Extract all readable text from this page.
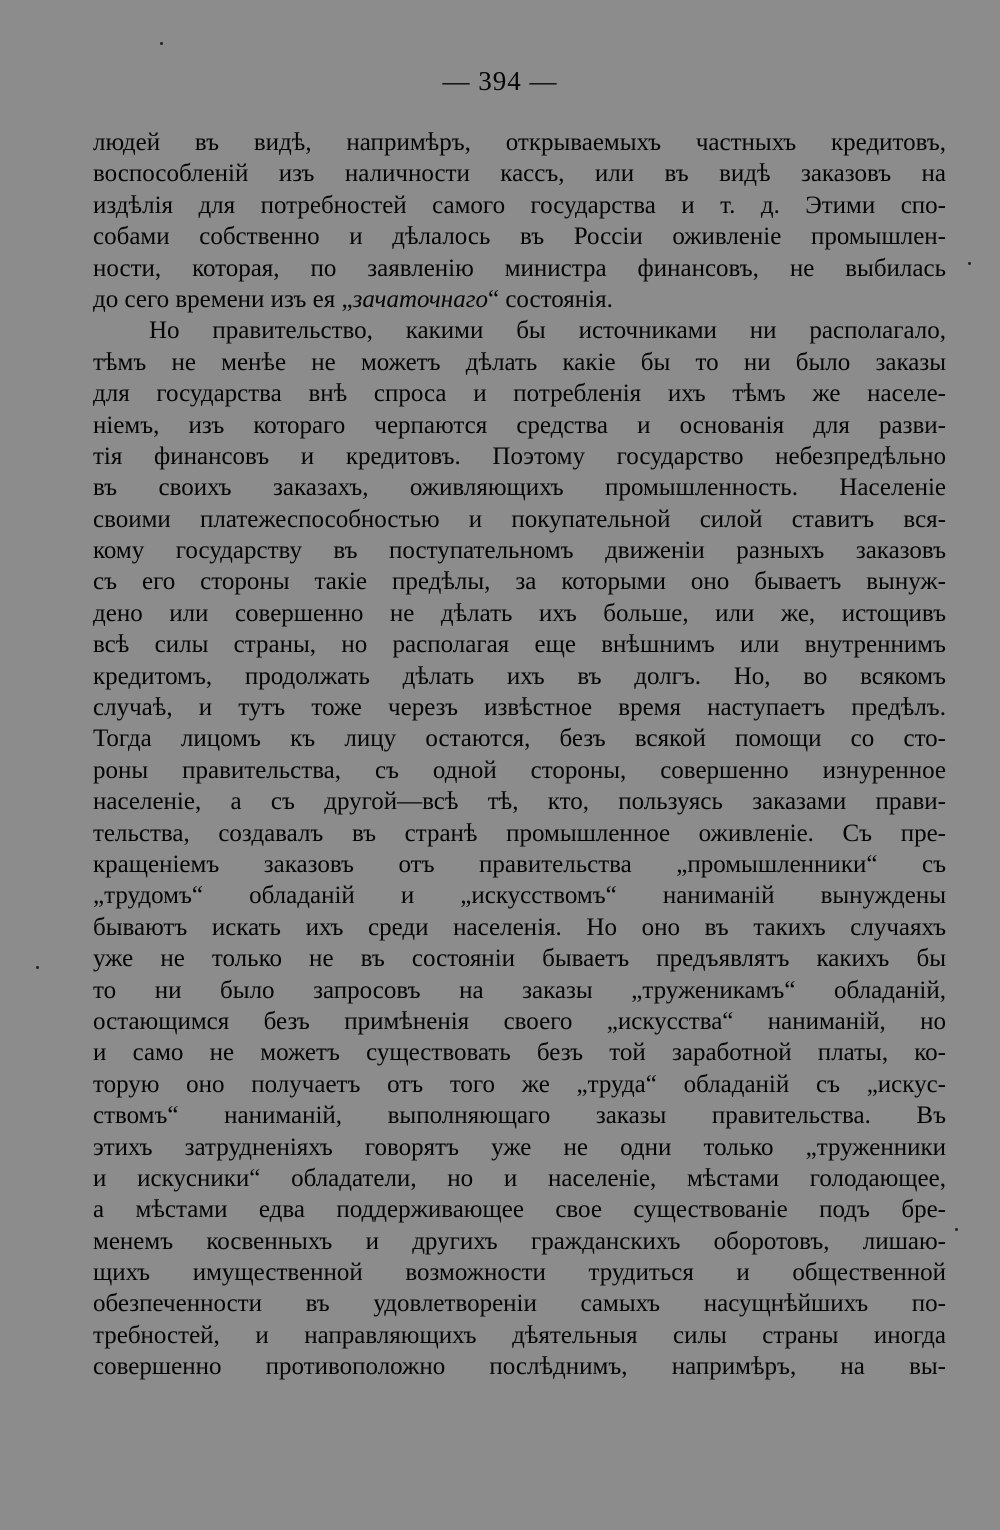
— 394 —
людей въ видѣ, напримѣръ, открываемыхъ частныхъ кредитовъ,
воспособленій изъ наличности кассъ, или въ видѣ заказовъ на
издѣлія для потребностей самого государства и т. д. Этими спо-
собами собственно и дѣлалось въ Россіи оживленіе промышлен-
ности, которая, по заявленію министра финансовъ, не выбилась
до сего времени изъ ея „зачаточнаго“ состоянія.
Но правительство, какими бы источниками ни располагало,
тѣмъ не менѣе не можетъ дѣлать какіе бы то ни было заказы
для государства внѣ спроса и потребленія ихъ тѣмъ же населе-
ніемъ, изъ котораго черпаются средства и основанія для разви-
тія финансовъ и кредитовъ. Поэтому государство небезпредѣльно
въ своихъ заказахъ, оживляющихъ промышленность. Населеніе
своими платежеспособностью и покупательной силой ставитъ вся-
кому государству въ поступательномъ движеніи разныхъ заказовъ
съ его стороны такіе предѣлы, за которыми оно бываетъ вынуж-
дено или совершенно не дѣлать ихъ больше, или же, истощивъ
всѣ силы страны, но располагая еще внѣшнимъ или внутреннимъ
кредитомъ, продолжать дѣлать ихъ въ долгъ. Но, во всякомъ
случаѣ, и тутъ тоже черезъ извѣстное время наступаетъ предѣлъ.
Тогда лицомъ къ лицу остаются, безъ всякой помощи со сто-
роны правительства, съ одной стороны, совершенно изнуренное
населеніе, а съ другой—всѣ тѣ, кто, пользуясь заказами прави-
тельства, создавалъ въ странѣ промышленное оживленіе. Съ пре-
кращеніемъ заказовъ отъ правительства „промышленники“ съ
„трудомъ“ обладаній и „искусствомъ“ наниманій вынуждены
бываютъ искать ихъ среди населенія. Но оно въ такихъ случаяхъ
уже не только не въ состояніи бываетъ предъявлятъ какихъ бы
то ни было запросовъ на заказы „труженикамъ“ обладаній,
остающимся безъ примѣненія своего „искусства“ наниманій, но
и само не можетъ существовать безъ той заработной платы, ко-
торую оно получаетъ отъ того же „труда“ обладаній съ „искус-
ствомъ“ наниманій, выполняющаго заказы правительства. Въ
этихъ затрудненіяхъ говорятъ уже не одни только „труженники
и искусники“ обладатели, но и населеніе, мѣстами голодающее,
а мѣстами едва поддерживающее свое существованіе подъ бре-
менемъ косвенныхъ и другихъ гражданскихъ оборотовъ, лишаю-
щихъ имущественной возможности трудиться и общественной
обезпеченности въ удовлетвореніи самыхъ насущнѣйшихъ по-
требностей, и направляющихъ дѣятельныя силы страны иногда
совершенно противоположно послѣднимъ, напримѣръ, на вы-
